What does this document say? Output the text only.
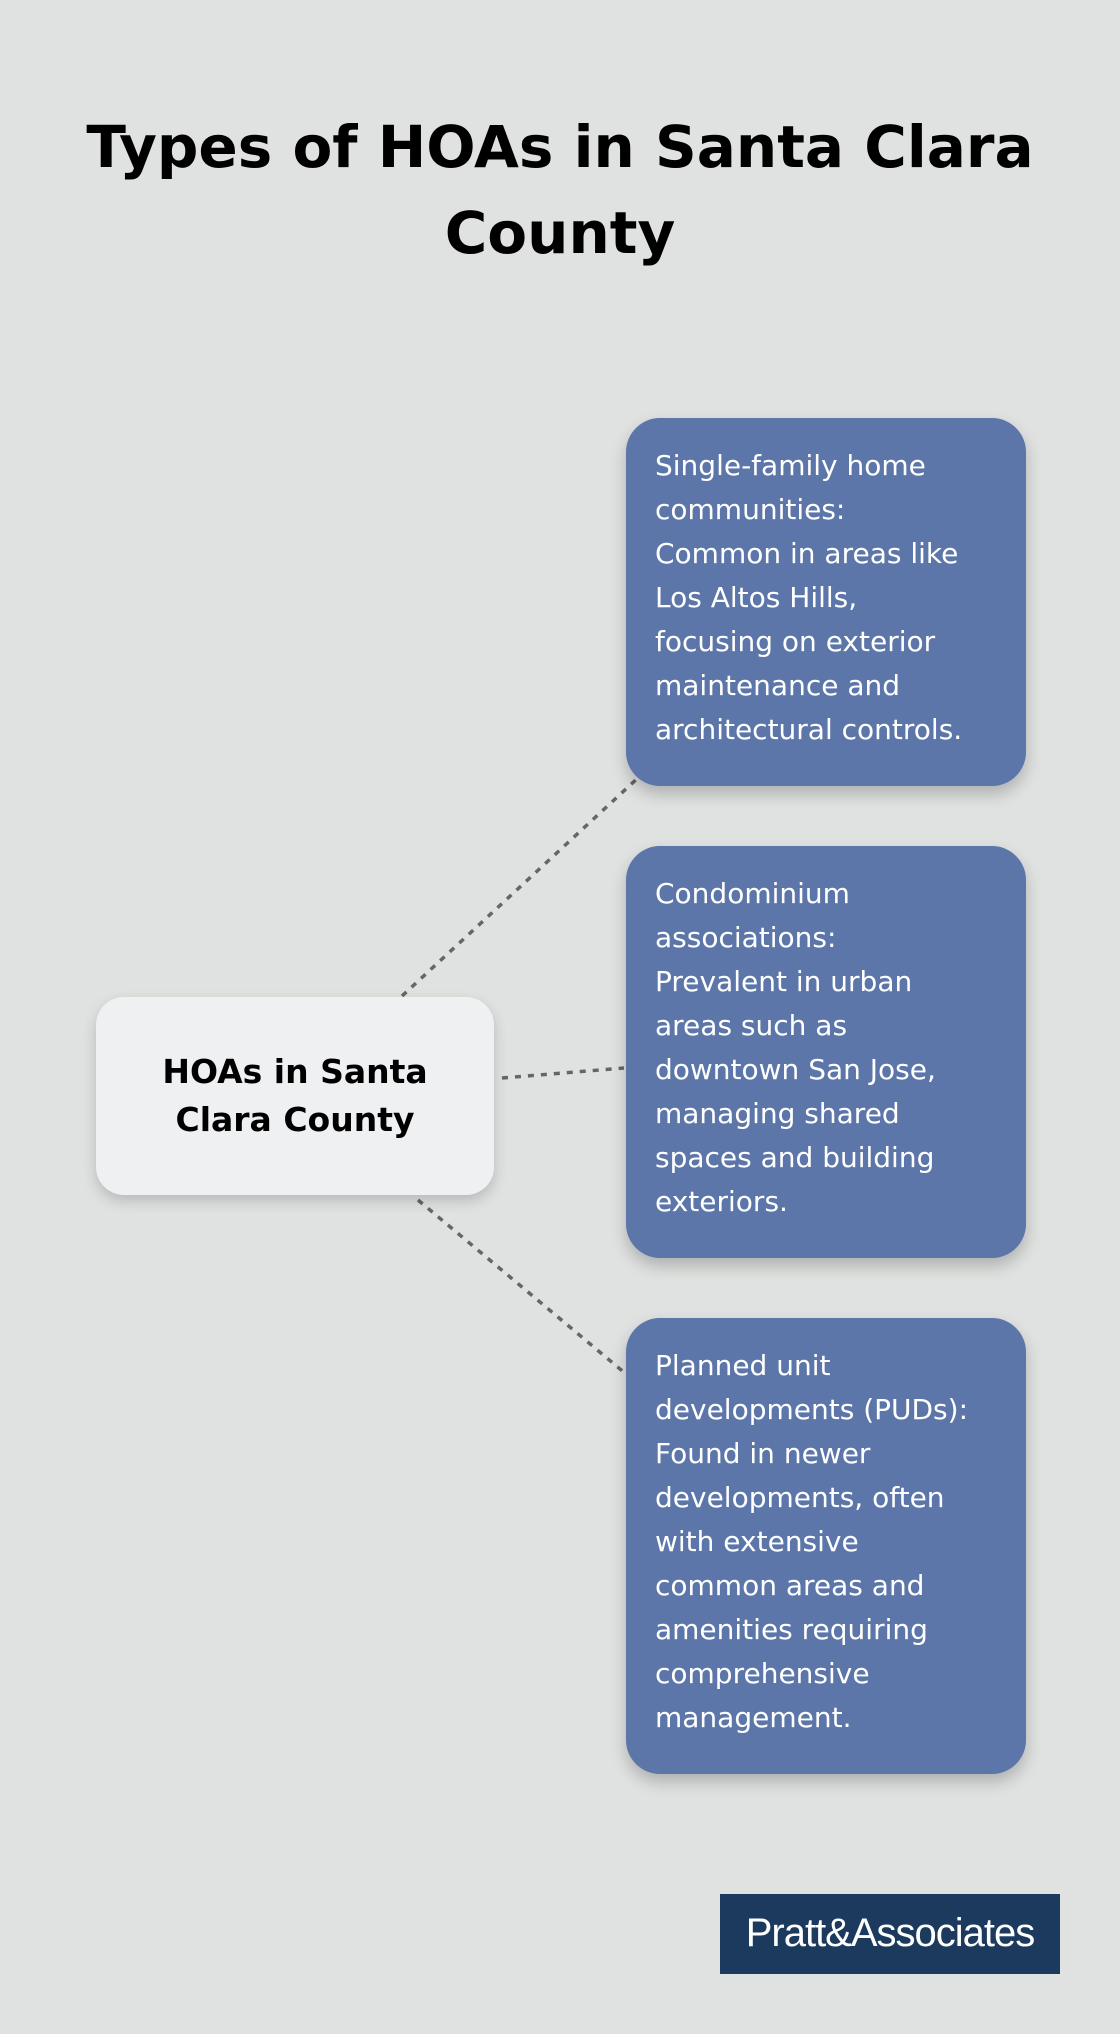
Types of HOAs in Santa Clara
County
HOAs in Santa
Clara County
Single-family home
communities:
Common in areas like
Los Altos Hills,
focusing on exterior
maintenance and
architectural controls.
Condominium
associations:
Prevalent in urban
areas such as
downtown San Jose,
managing shared
spaces and building
exteriors.
Planned unit
developments (PUDs):
Found in newer
developments, often
with extensive
common areas and
amenities requiring
comprehensive
management.
Pratt&Associates
